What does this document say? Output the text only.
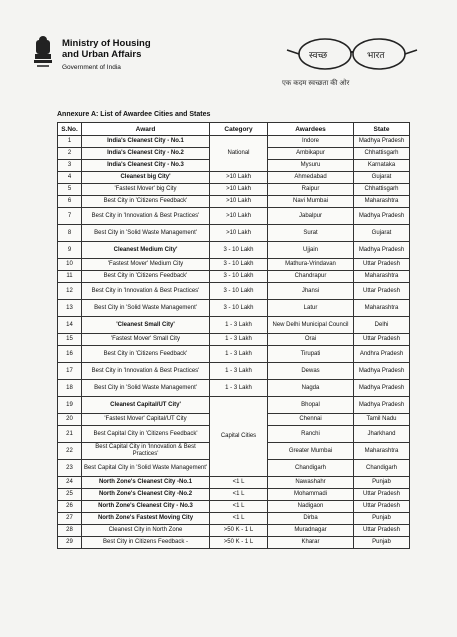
Ministry of Housing
and Urban Affairs
Government of India
स्वच्छ	भारत
एक कदम स्वच्छता की ओर
Annexure A: List of Awardee Cities and States
S.No.	Award	Category	Awardees	State
1	India's Cleanest City - No.1	National	Indore	Madhya Pradesh
2	India's Cleanest City - No.2		Ambikapur	Chhattisgarh
3	India's Cleanest City - No.3		Mysuru	Karnataka
4	Cleanest big City'	>10 Lakh	Ahmedabad	Gujarat
5	'Fastest Mover' big City	>10 Lakh	Raipur	Chhattisgarh
6	Best City in 'Citizens Feedback'	>10 Lakh	Navi Mumbai	Maharashtra
7	Best City in 'Innovation & Best Practices'	>10 Lakh	Jabalpur	Madhya Pradesh
8	Best City in 'Solid Waste Management'	>10 Lakh	Surat	Gujarat
9	Cleanest Medium City'	3 - 10 Lakh	Ujjain	Madhya Pradesh
10	'Fastest Mover' Medium City	3 - 10 Lakh	Mathura-Vrindavan	Uttar Pradesh
11	Best City in 'Citizens Feedback'	3 - 10 Lakh	Chandrapur	Maharashtra
12	Best City in 'Innovation & Best Practices'	3 - 10 Lakh	Jhansi	Uttar Pradesh
13	Best City in 'Solid Waste Management'	3 - 10 Lakh	Latur	Maharashtra
14	'Cleanest Small City'	1 - 3 Lakh	New Delhi Municipal Council	Delhi
15	'Fastest Mover' Small City	1 - 3 Lakh	Orai	Uttar Pradesh
16	Best City in 'Citizens Feedback'	1 - 3 Lakh	Tirupati	Andhra Pradesh
17	Best City in 'Innovation & Best Practices'	1 - 3 Lakh	Dewas	Madhya Pradesh
18	Best City in 'Solid Waste Management'	1 - 3 Lakh	Nagda	Madhya Pradesh
19	Cleanest Capital/UT City'	Capital Cities	Bhopal	Madhya Pradesh
20	'Fastest Mover' Capital/UT City		Chennai	Tamil Nadu
21	Best Capital City in 'Citizens Feedback'		Ranchi	Jharkhand
22	Best Capital City in 'Innovation & Best Practices'		Greater Mumbai	Maharashtra
23	Best Capital City in 'Solid Waste Management'		Chandigarh	Chandigarh
24	North Zone's Cleanest City -No.1	<1 L	Nawashahr	Punjab
25	North Zone's Cleanest City -No.2	<1 L	Mohammadi	Uttar Pradesh
26	North Zone's Cleanest City - No.3	<1 L	Nadigaon	Uttar Pradesh
27	North Zone's Fastest Moving City	<1 L	Dirba	Punjab
28	Cleanest City in North Zone	>50 K - 1 L	Muradnagar	Uttar Pradesh
29	Best City in Citizens Feedback -	>50 K - 1 L	Kharar	Punjab
